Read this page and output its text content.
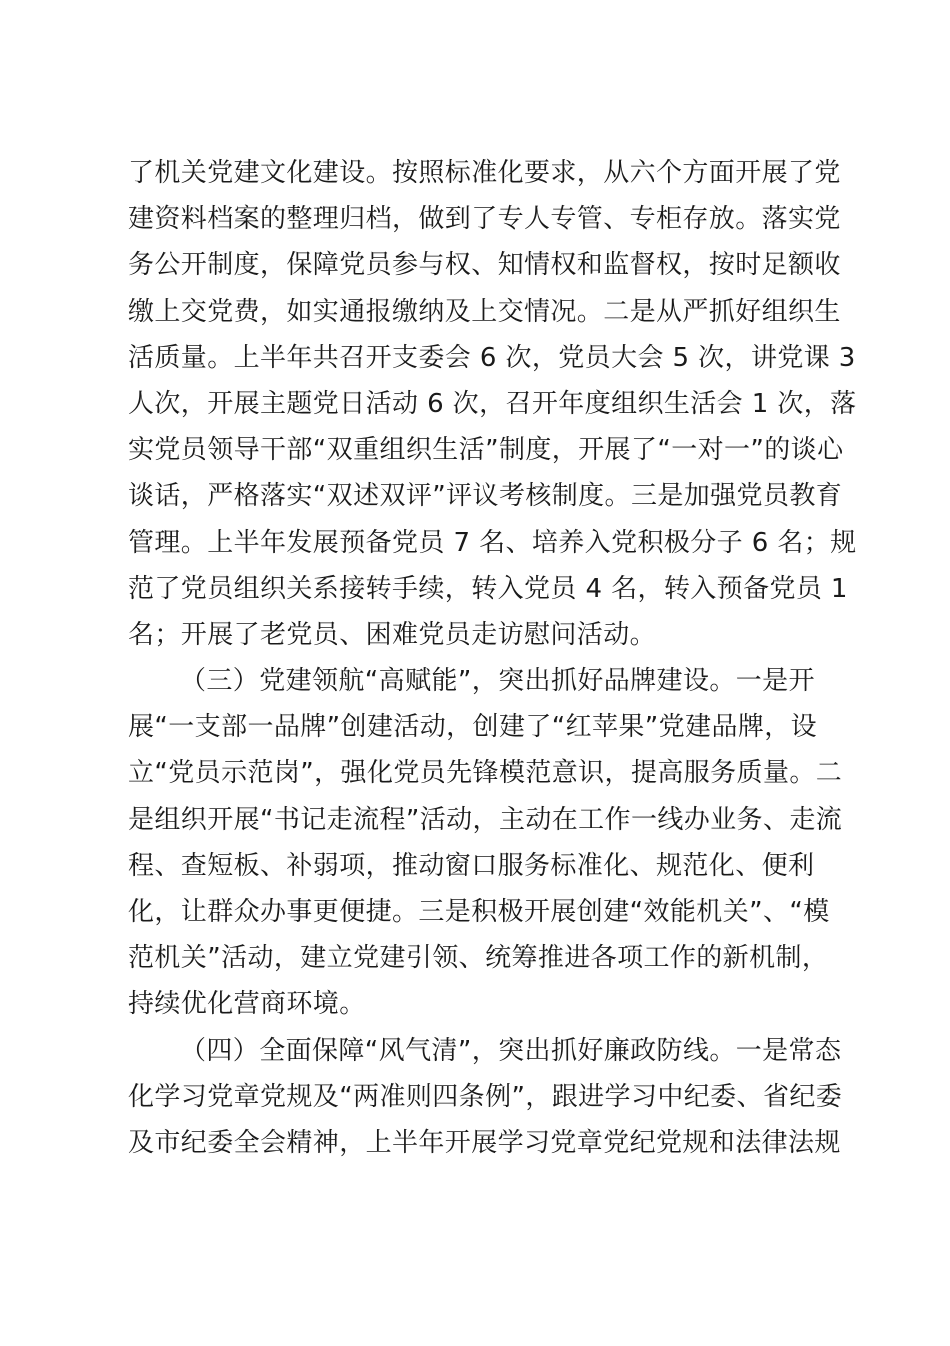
了机关党建文化建设。按照标准化要求，从六个方面开展了党
建资料档案的整理归档，做到了专人专管、专柜存放。落实党
务公开制度，保障党员参与权、知情权和监督权，按时足额收
缴上交党费，如实通报缴纳及上交情况。二是从严抓好组织生
活质量。上半年共召开支委会 6 次，党员大会 5 次，讲党课 3
人次，开展主题党日活动 6 次，召开年度组织生活会 1 次，落
实党员领导干部“双重组织生活”制度，开展了“一对一”的谈心
谈话，严格落实“双述双评”评议考核制度。三是加强党员教育
管理。上半年发展预备党员 7 名、培养入党积极分子 6 名；规
范了党员组织关系接转手续，转入党员 4 名，转入预备党员 1
名；开展了老党员、困难党员走访慰问活动。
（三）党建领航“高赋能”，突出抓好品牌建设。一是开
展“一支部一品牌”创建活动，创建了“红苹果”党建品牌，设
立“党员示范岗”，强化党员先锋模范意识，提高服务质量。二
是组织开展“书记走流程”活动，主动在工作一线办业务、走流
程、查短板、补弱项，推动窗口服务标准化、规范化、便利
化，让群众办事更便捷。三是积极开展创建“效能机关”、“模
范机关”活动，建立党建引领、统筹推进各项工作的新机制，
持续优化营商环境。
（四）全面保障“风气清”，突出抓好廉政防线。一是常态
化学习党章党规及“两准则四条例”，跟进学习中纪委、省纪委
及市纪委全会精神，上半年开展学习党章党纪党规和法律法规
